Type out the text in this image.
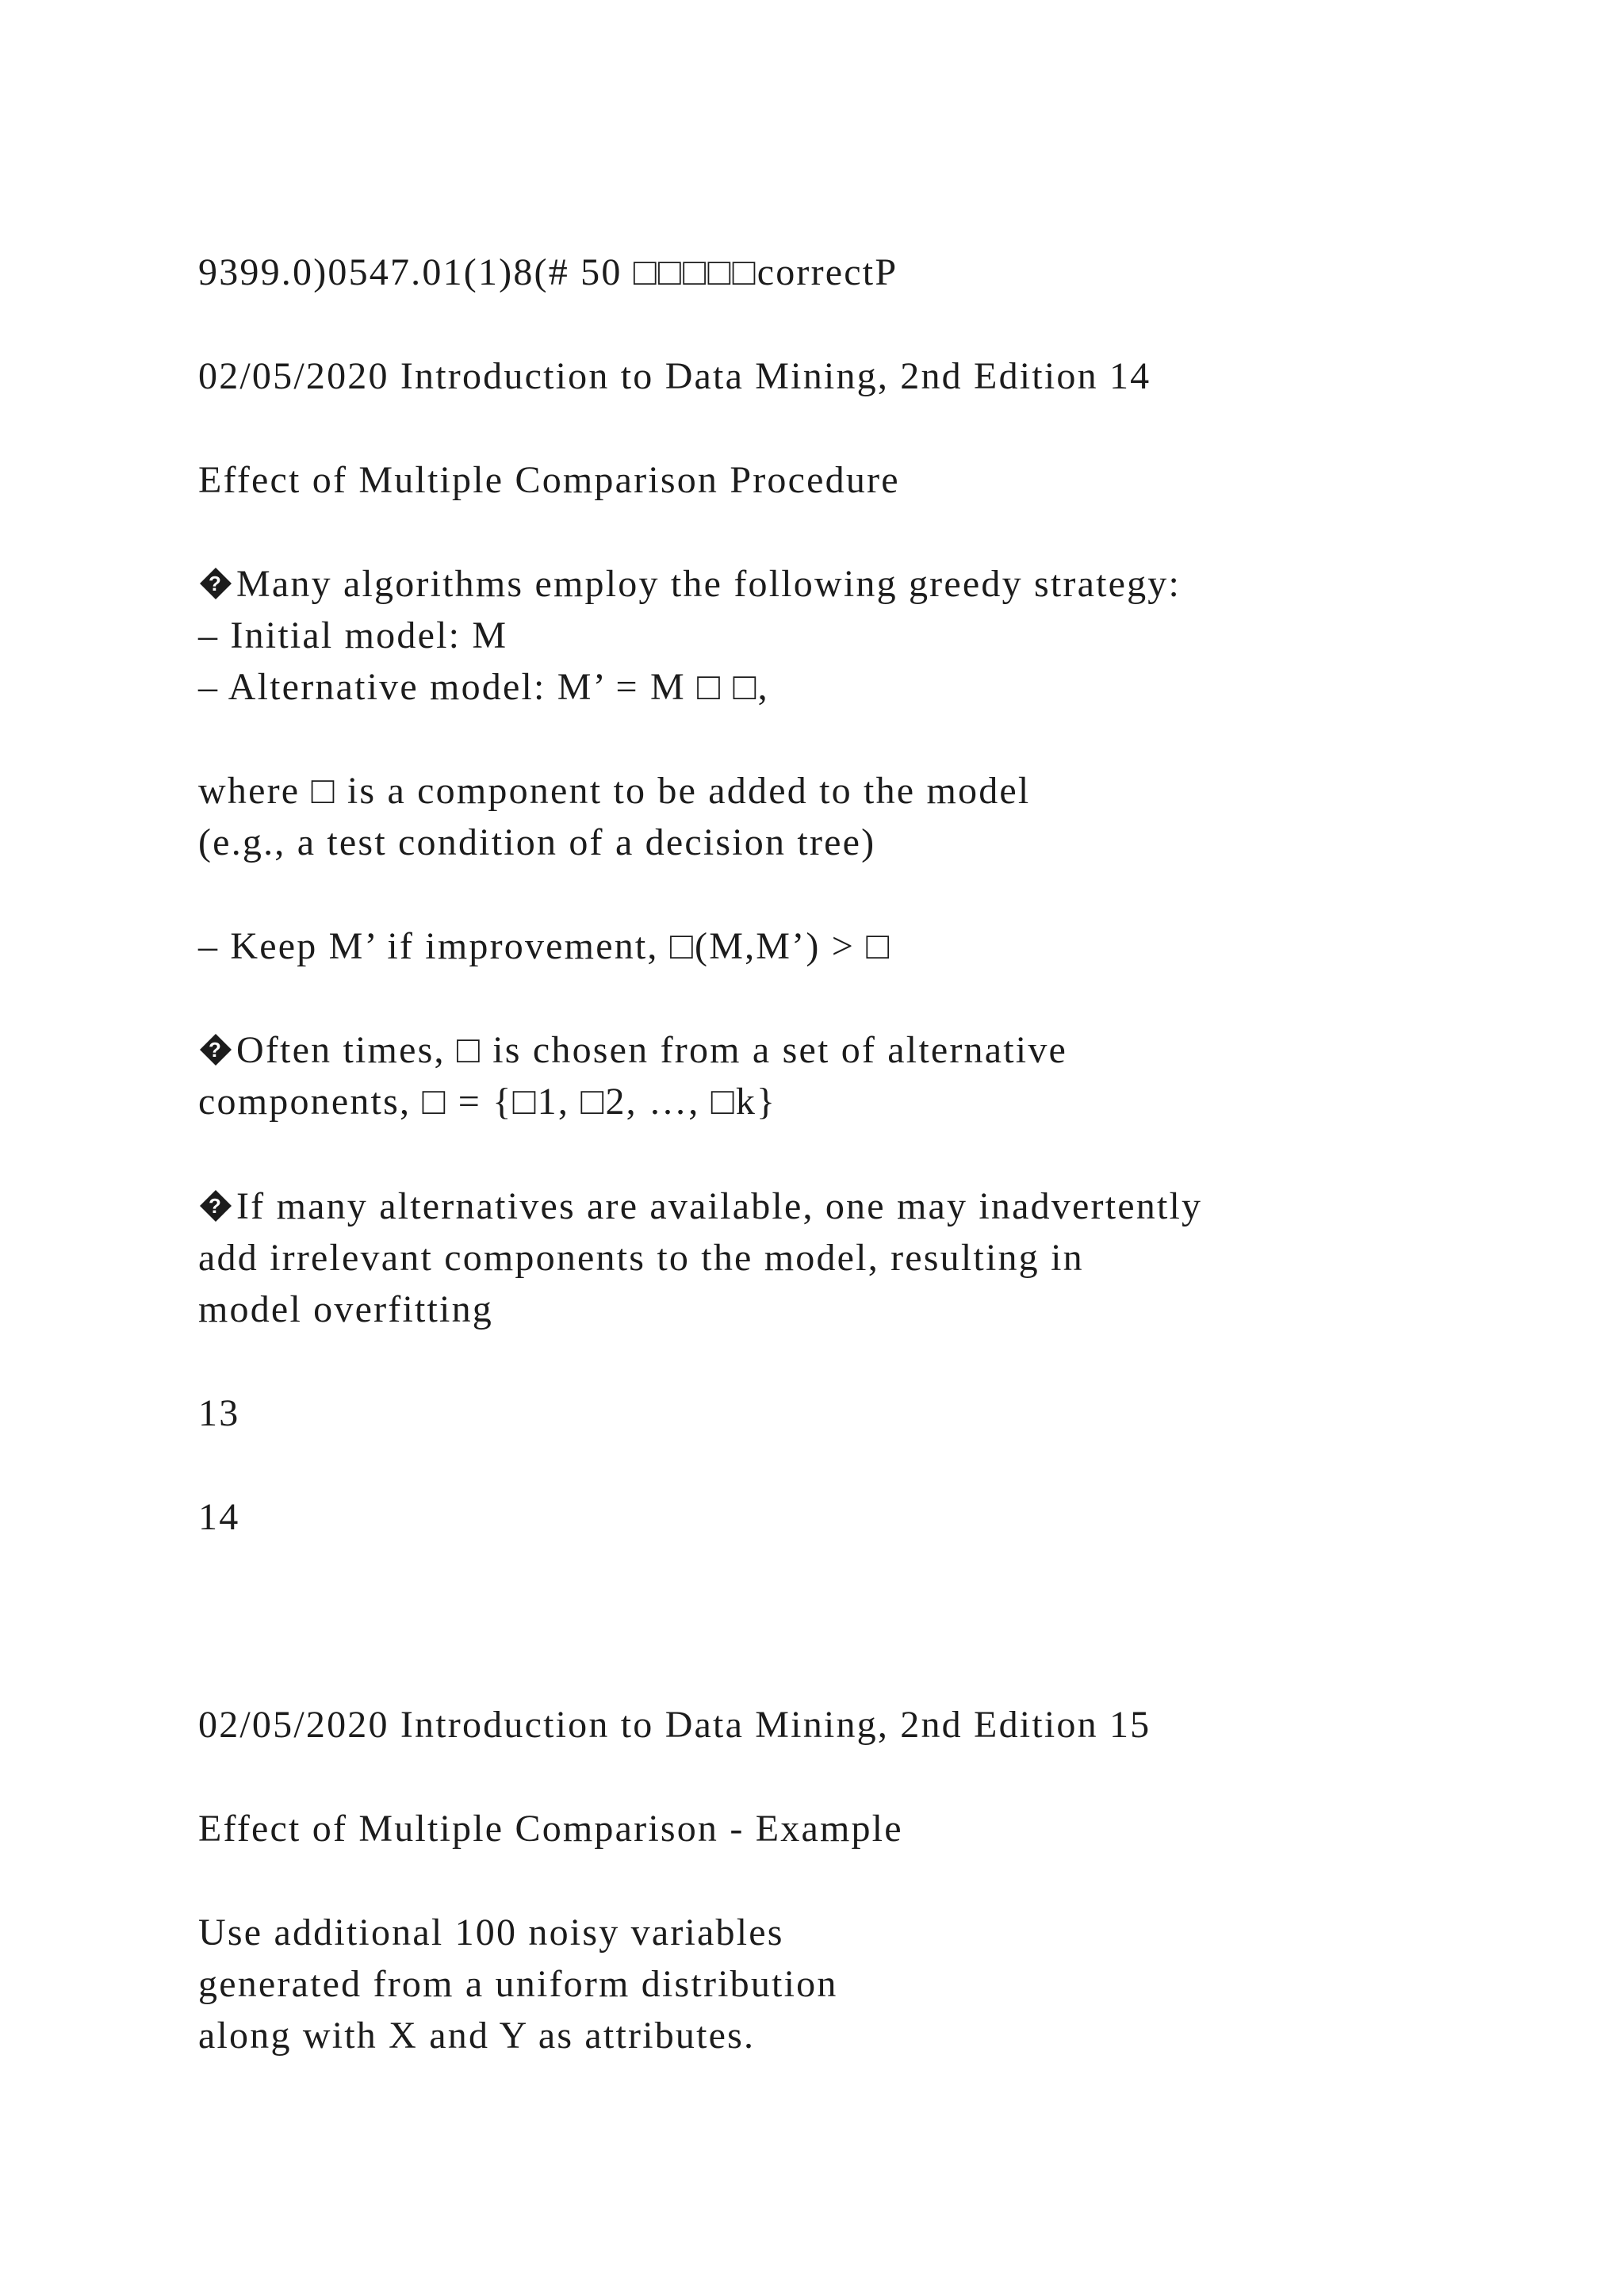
9399.0)0547.01(1)8(# 50 □□□□□correctP
02/05/2020 Introduction to Data Mining, 2nd Edition 14
Effect of Multiple Comparison Procedure
? Many algorithms employ the following greedy strategy:
– Initial model: M
– Alternative model: M’ = M □ □,
where □ is a component to be added to the model
(e.g., a test condition of a decision tree)
– Keep M’ if improvement, □(M,M’) > □
? Often times, □ is chosen from a set of alternative
components, □ = {□1, □2, …, □k}
? If many alternatives are available, one may inadvertently
add irrelevant components to the model, resulting in
model overfitting
13
14
02/05/2020 Introduction to Data Mining, 2nd Edition 15
Effect of Multiple Comparison - Example
Use additional 100 noisy variables
generated from a uniform distribution
along with X and Y as attributes.
